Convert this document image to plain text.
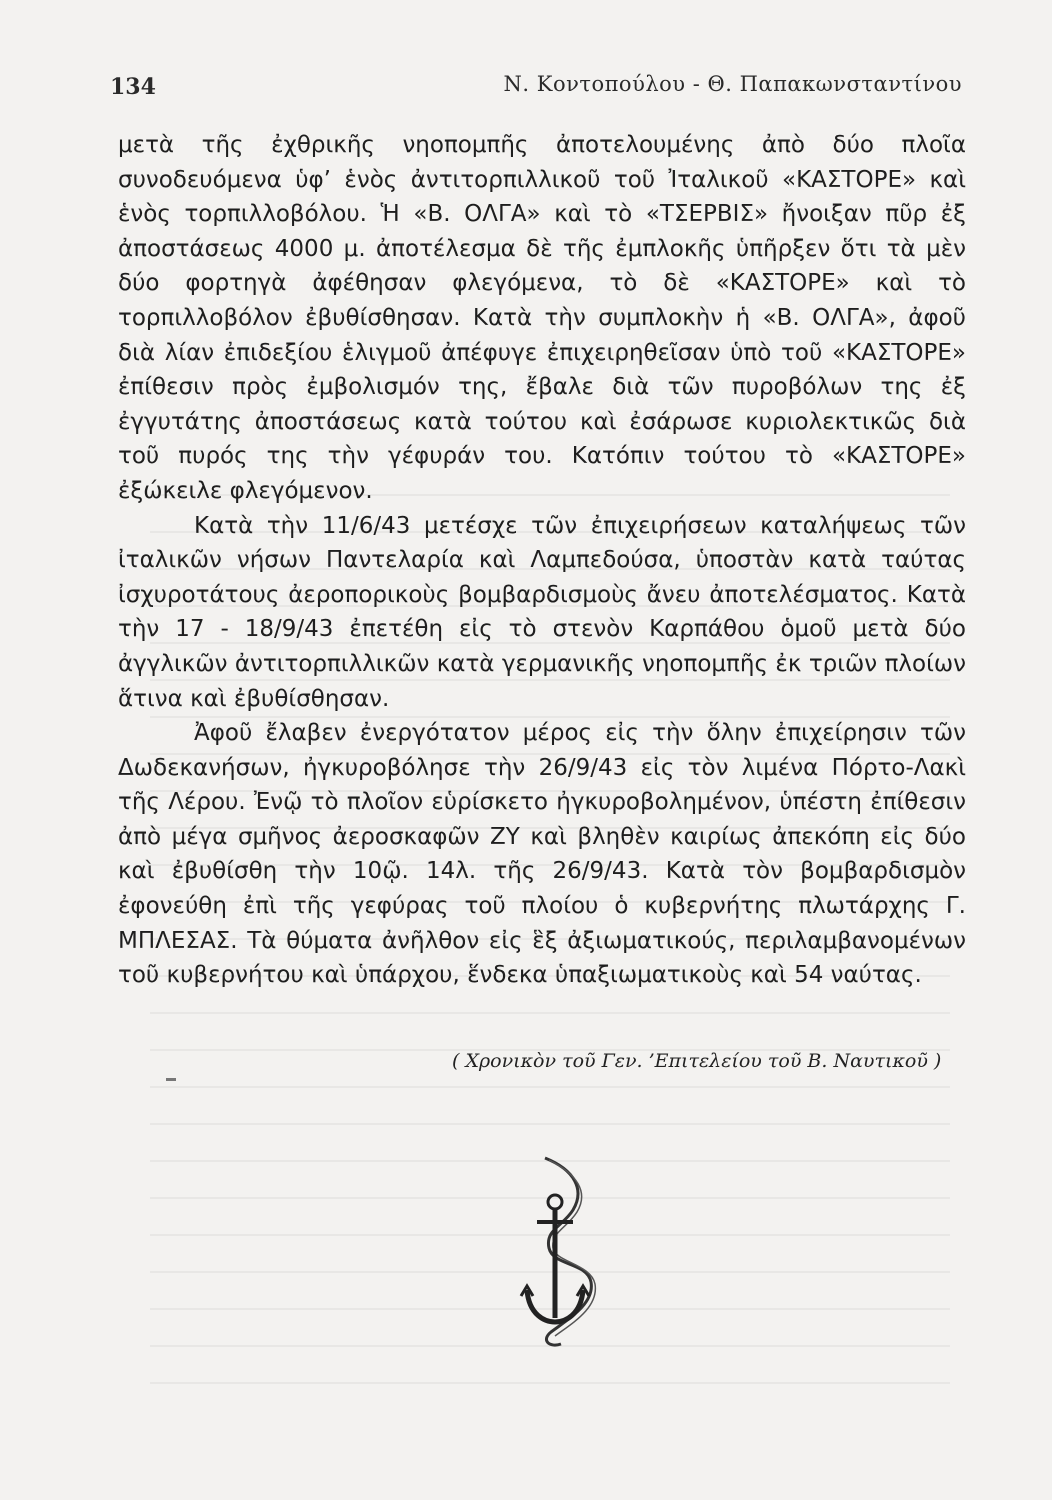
134	Ν. Κοντοπούλου - Θ. Παπακωνσταντίνου

μετὰ τῆς ἐχθρικῆς νηοπομπῆς ἀποτελουμένης ἀπὸ δύο πλοῖα συνοδευόμενα ὑφ’ ἑνὸς ἀντιτορπιλλικοῦ τοῦ Ἰταλικοῦ «ΚΑΣΤΟΡΕ» καὶ ἑνὸς τορπιλλοβόλου. Ἡ «Β. ΟΛΓΑ» καὶ τὸ «ΤΣΕΡΒΙΣ» ἤνοιξαν πῦρ ἐξ ἀποστάσεως 4000 μ. ἀποτέλεσμα δὲ τῆς ἐμπλοκῆς ὑπῆρξεν ὅτι τὰ μὲν δύο φορτηγὰ ἀφέθησαν φλεγόμενα, τὸ δὲ «ΚΑΣΤΟΡΕ» καὶ τὸ τορπιλλοβόλον ἐβυθίσθησαν. Κατὰ τὴν συμπλοκὴν ἡ «Β. ΟΛΓΑ», ἀφοῦ διὰ λίαν ἐπιδεξίου ἑλιγμοῦ ἀπέφυγε ἐπιχειρηθεῖσαν ὑπὸ τοῦ «ΚΑΣΤΟΡΕ» ἐπίθεσιν πρὸς ἐμβολισμόν της, ἔβαλε διὰ τῶν πυροβόλων της ἐξ ἐγγυτάτης ἀποστάσεως κατὰ τούτου καὶ ἐσάρωσε κυριολεκτικῶς διὰ τοῦ πυρός της τὴν γέφυράν του. Κατόπιν τούτου τὸ «ΚΑΣΤΟΡΕ» ἐξώκειλε φλεγόμενον.

Κατὰ τὴν 11/6/43 μετέσχε τῶν ἐπιχειρήσεων καταλήψεως τῶν ἰταλικῶν νήσων Παντελαρία καὶ Λαμπεδούσα, ὑποστὰν κατὰ ταύτας ἰσχυροτάτους ἀεροπορικοὺς βομβαρδισμοὺς ἄνευ ἀποτελέσματος. Κατὰ τὴν 17 - 18/9/43 ἐπετέθη εἰς τὸ στενὸν Καρπάθου ὁμοῦ μετὰ δύο ἀγγλικῶν ἀντιτορπιλλικῶν κατὰ γερμανικῆς νηοπομπῆς ἐκ τριῶν πλοίων ἅτινα καὶ ἐβυθίσθησαν.

Ἀφοῦ ἔλαβεν ἐνεργότατον μέρος εἰς τὴν ὅλην ἐπιχείρησιν τῶν Δωδεκανήσων, ἠγκυροβόλησε τὴν 26/9/43 εἰς τὸν λιμένα Πόρτο-Λακὶ τῆς Λέρου. Ἐνῷ τὸ πλοῖον εὑρίσκετο ἠγκυροβολημένον, ὑπέστη ἐπίθεσιν ἀπὸ μέγα σμῆνος ἀεροσκαφῶν ΖΥ καὶ βληθὲν καιρίως ἀπεκόπη εἰς δύο καὶ ἐβυθίσθη τὴν 10ῷ. 14λ. τῆς 26/9/43. Κατὰ τὸν βομβαρδισμὸν ἐφονεύθη ἐπὶ τῆς γεφύρας τοῦ πλοίου ὁ κυβερνήτης πλωτάρχης Γ. ΜΠΛΕΣΑΣ. Τὰ θύματα ἀνῆλθον εἰς ἓξ ἀξιωματικούς, περιλαμβανομένων τοῦ κυβερνήτου καὶ ὑπάρχου, ἕνδεκα ὑπαξιωματικοὺς καὶ 54 ναύτας.

( Χρονικὸν τοῦ Γεν. ’Επιτελείου τοῦ Β. Ναυτικοῦ )
